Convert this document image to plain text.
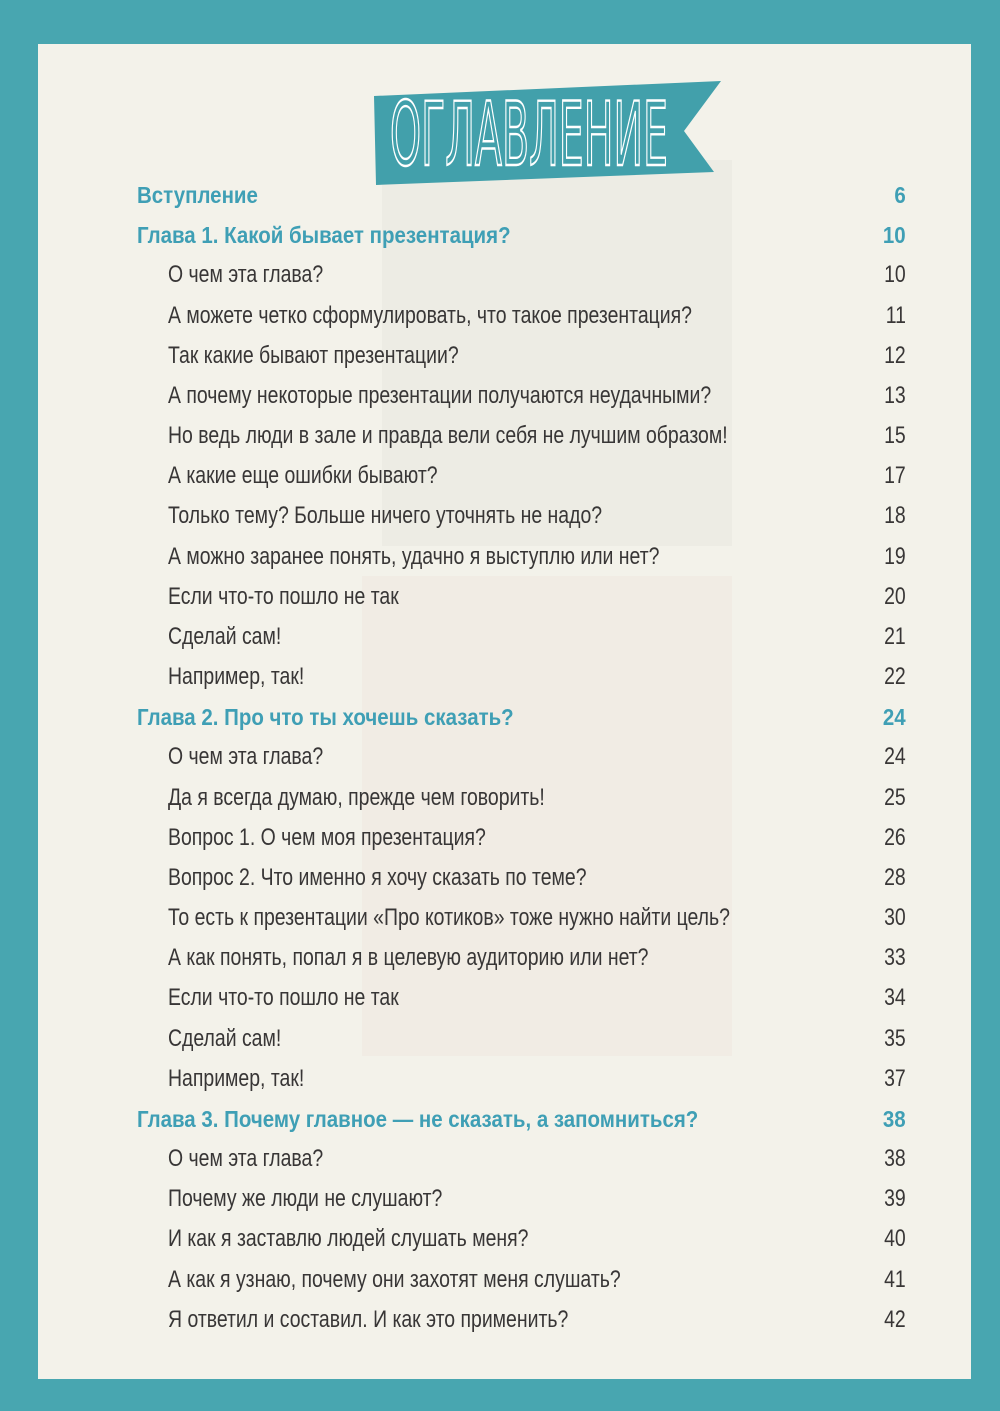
ОГЛАВЛЕНИЕ
Вступление	6
Глава 1. Какой бывает презентация?	10
О чем эта глава?	10
А можете четко сформулировать, что такое презентация?	11
Так какие бывают презентации?	12
А почему некоторые презентации получаются неудачными?	13
Но ведь люди в зале и правда вели себя не лучшим образом!	15
А какие еще ошибки бывают?	17
Только тему? Больше ничего уточнять не надо?	18
А можно заранее понять, удачно я выступлю или нет?	19
Если что-то пошло не так	20
Сделай сам!	21
Например, так!	22
Глава 2. Про что ты хочешь сказать?	24
О чем эта глава?	24
Да я всегда думаю, прежде чем говорить!	25
Вопрос 1. О чем моя презентация?	26
Вопрос 2. Что именно я хочу сказать по теме?	28
То есть к презентации «Про котиков» тоже нужно найти цель?	30
А как понять, попал я в целевую аудиторию или нет?	33
Если что-то пошло не так	34
Сделай сам!	35
Например, так!	37
Глава 3. Почему главное — не сказать, а запомниться?	38
О чем эта глава?	38
Почему же люди не слушают?	39
И как я заставлю людей слушать меня?	40
А как я узнаю, почему они захотят меня слушать?	41
Я ответил и составил. И как это применить?	42
